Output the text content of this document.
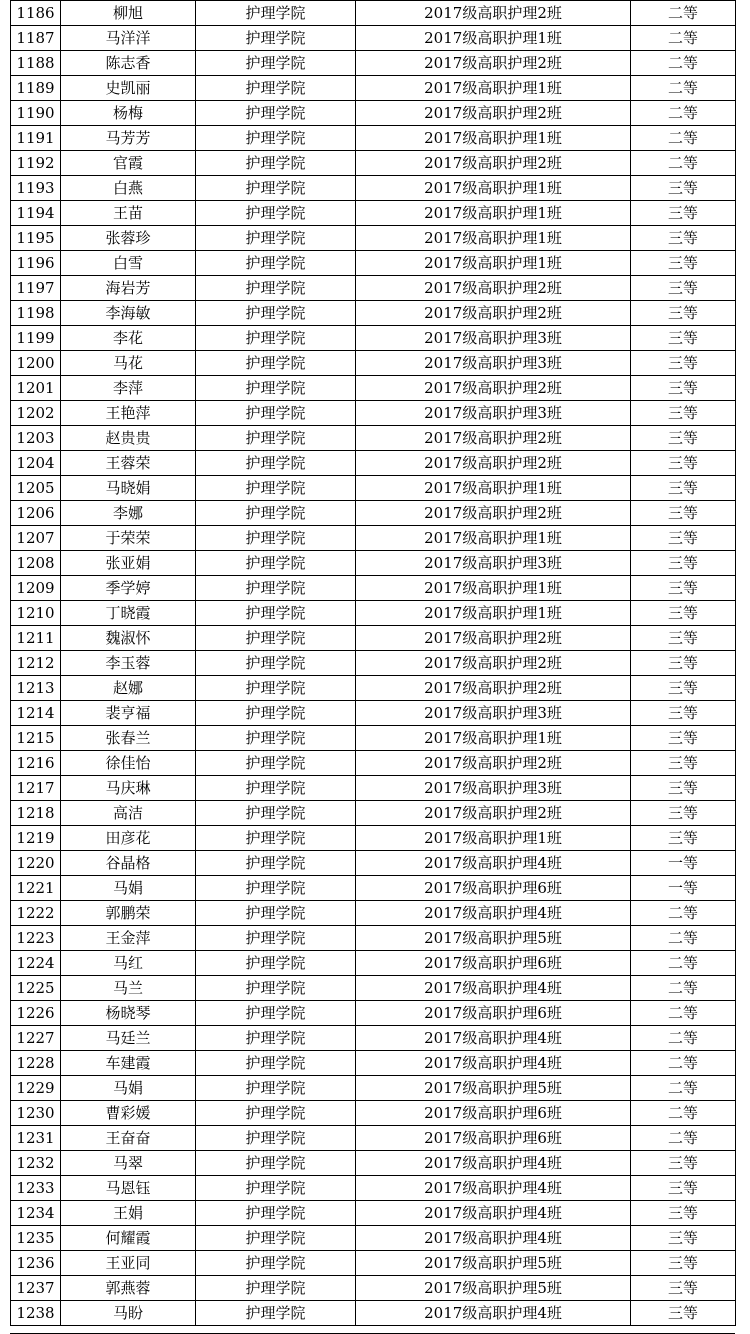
1186	柳旭	护理学院	2017级高职护理2班	二等
1187	马洋洋	护理学院	2017级高职护理1班	二等
1188	陈志香	护理学院	2017级高职护理2班	二等
1189	史凯丽	护理学院	2017级高职护理1班	二等
1190	杨梅	护理学院	2017级高职护理2班	二等
1191	马芳芳	护理学院	2017级高职护理1班	二等
1192	官霞	护理学院	2017级高职护理2班	二等
1193	白燕	护理学院	2017级高职护理1班	三等
1194	王苗	护理学院	2017级高职护理1班	三等
1195	张蓉珍	护理学院	2017级高职护理1班	三等
1196	白雪	护理学院	2017级高职护理1班	三等
1197	海岩芳	护理学院	2017级高职护理2班	三等
1198	李海敏	护理学院	2017级高职护理2班	三等
1199	李花	护理学院	2017级高职护理3班	三等
1200	马花	护理学院	2017级高职护理3班	三等
1201	李萍	护理学院	2017级高职护理2班	三等
1202	王艳萍	护理学院	2017级高职护理3班	三等
1203	赵贵贵	护理学院	2017级高职护理2班	三等
1204	王蓉荣	护理学院	2017级高职护理2班	三等
1205	马晓娟	护理学院	2017级高职护理1班	三等
1206	李娜	护理学院	2017级高职护理2班	三等
1207	于荣荣	护理学院	2017级高职护理1班	三等
1208	张亚娟	护理学院	2017级高职护理3班	三等
1209	季学婷	护理学院	2017级高职护理1班	三等
1210	丁晓霞	护理学院	2017级高职护理1班	三等
1211	魏淑怀	护理学院	2017级高职护理2班	三等
1212	李玉蓉	护理学院	2017级高职护理2班	三等
1213	赵娜	护理学院	2017级高职护理2班	三等
1214	裴亨福	护理学院	2017级高职护理3班	三等
1215	张春兰	护理学院	2017级高职护理1班	三等
1216	徐佳怡	护理学院	2017级高职护理2班	三等
1217	马庆琳	护理学院	2017级高职护理3班	三等
1218	高洁	护理学院	2017级高职护理2班	三等
1219	田彦花	护理学院	2017级高职护理1班	三等
1220	谷晶格	护理学院	2017级高职护理4班	一等
1221	马娟	护理学院	2017级高职护理6班	一等
1222	郭鹏荣	护理学院	2017级高职护理4班	二等
1223	王金萍	护理学院	2017级高职护理5班	二等
1224	马红	护理学院	2017级高职护理6班	二等
1225	马兰	护理学院	2017级高职护理4班	二等
1226	杨晓琴	护理学院	2017级高职护理6班	二等
1227	马廷兰	护理学院	2017级高职护理4班	二等
1228	车建霞	护理学院	2017级高职护理4班	二等
1229	马娟	护理学院	2017级高职护理5班	二等
1230	曹彩媛	护理学院	2017级高职护理6班	二等
1231	王奋奋	护理学院	2017级高职护理6班	二等
1232	马翠	护理学院	2017级高职护理4班	三等
1233	马恩钰	护理学院	2017级高职护理4班	三等
1234	王娟	护理学院	2017级高职护理4班	三等
1235	何耀霞	护理学院	2017级高职护理4班	三等
1236	王亚同	护理学院	2017级高职护理5班	三等
1237	郭燕蓉	护理学院	2017级高职护理5班	三等
1238	马盼	护理学院	2017级高职护理4班	三等
